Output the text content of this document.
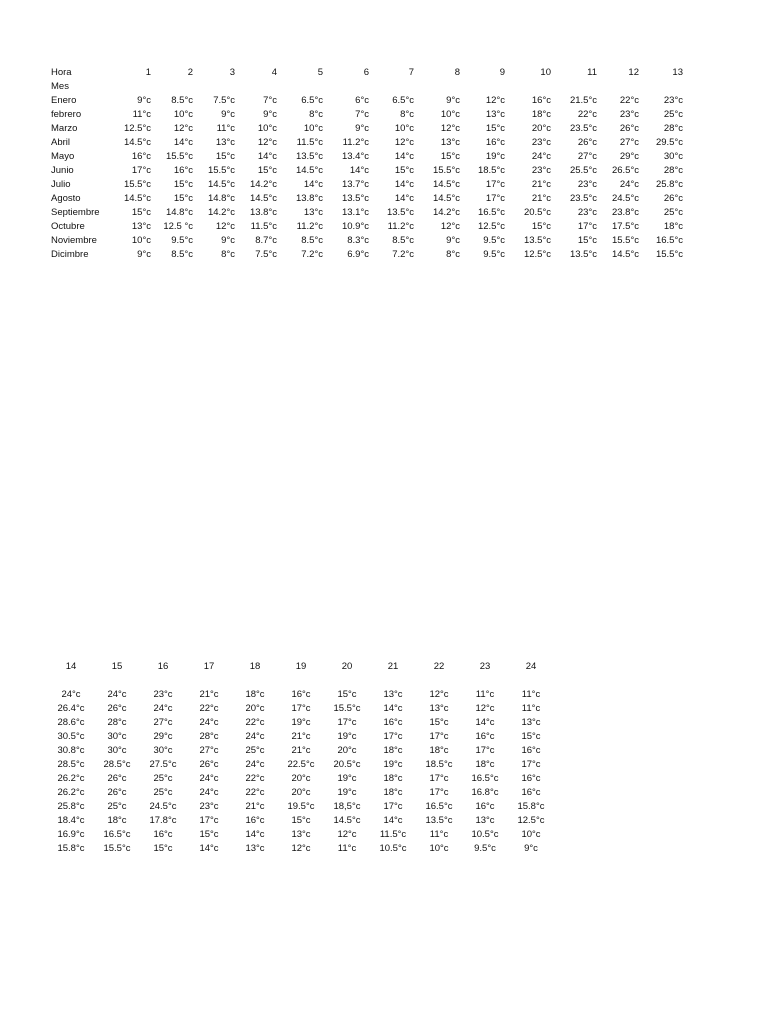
Hora	1	2	3	4	5	6	7	8	9	10	11	12	13
Mes													
Enero	9°c	8.5°c	7.5°c	7°c	6.5°c	6°c	6.5°c	9°c	12°c	16°c	21.5°c	22°c	23°c
febrero	11°c	10°c	9°c	9°c	8°c	7°c	8°c	10°c	13°c	18°c	22°c	23°c	25°c
Marzo	12.5°c	12°c	11°c	10°c	10°c	9°c	10°c	12°c	15°c	20°c	23.5°c	26°c	28°c
Abril	14.5°c	14°c	13°c	12°c	11.5°c	11.2°c	12°c	13°c	16°c	23°c	26°c	27°c	29.5°c
Mayo	16°c	15.5°c	15°c	14°c	13.5°c	13.4°c	14°c	15°c	19°c	24°c	27°c	29°c	30°c
Junio	17°c	16°c	15.5°c	15°c	14.5°c	14°c	15°c	15.5°c	18.5°c	23°c	25.5°c	26.5°c	28°c
Julio	15.5°c	15°c	14.5°c	14.2°c	14°c	13.7°c	14°c	14.5°c	17°c	21°c	23°c	24°c	25.8°c
Agosto	14.5°c	15°c	14.8°c	14.5°c	13.8°c	13.5°c	14°c	14.5°c	17°c	21°c	23.5°c	24.5°c	26°c
Septiembre	15°c	14.8°c	14.2°c	13.8°c	13°c	13.1°c	13.5°c	14.2°c	16.5°c	20.5°c	23°c	23.8°c	25°c
Octubre	13°c	12.5 °c	12°c	11.5°c	11.2°c	10.9°c	11.2°c	12°c	12.5°c	15°c	17°c	17.5°c	18°c
Noviembre	10°c	9.5°c	9°c	8.7°c	8.5°c	8.3°c	8.5°c	9°c	9.5°c	13.5°c	15°c	15.5°c	16.5°c
Dicimbre	9°c	8.5°c	8°c	7.5°c	7.2°c	6.9°c	7.2°c	8°c	9.5°c	12.5°c	13.5°c	14.5°c	15.5°c
14	15	16	17	18	19	20	21	22	23	24

24°c	24°c	23°c	21°c	18°c	16°c	15°c	13°c	12°c	11°c	11°c
26.4°c	26°c	24°c	22°c	20°c	17°c	15.5°c	14°c	13°c	12°c	11°c
28.6°c	28°c	27°c	24°c	22°c	19°c	17°c	16°c	15°c	14°c	13°c
30.5°c	30°c	29°c	28°c	24°c	21°c	19°c	17°c	17°c	16°c	15°c
30.8°c	30°c	30°c	27°c	25°c	21°c	20°c	18°c	18°c	17°c	16°c
28.5°c	28.5°c	27.5°c	26°c	24°c	22.5°c	20.5°c	19°c	18.5°c	18°c	17°c
26.2°c	26°c	25°c	24°c	22°c	20°c	19°c	18°c	17°c	16.5°c	16°c
26.2°c	26°c	25°c	24°c	22°c	20°c	19°c	18°c	17°c	16.8°c	16°c
25.8°c	25°c	24.5°c	23°c	21°c	19.5°c	18,5°c	17°c	16.5°c	16°c	15.8°c
18.4°c	18°c	17.8°c	17°c	16°c	15°c	14.5°c	14°c	13.5°c	13°c	12.5°c
16.9°c	16.5°c	16°c	15°c	14°c	13°c	12°c	11.5°c	11°c	10.5°c	10°c
15.8°c	15.5°c	15°c	14°c	13°c	12°c	11°c	10.5°c	10°c	9.5°c	9°c
